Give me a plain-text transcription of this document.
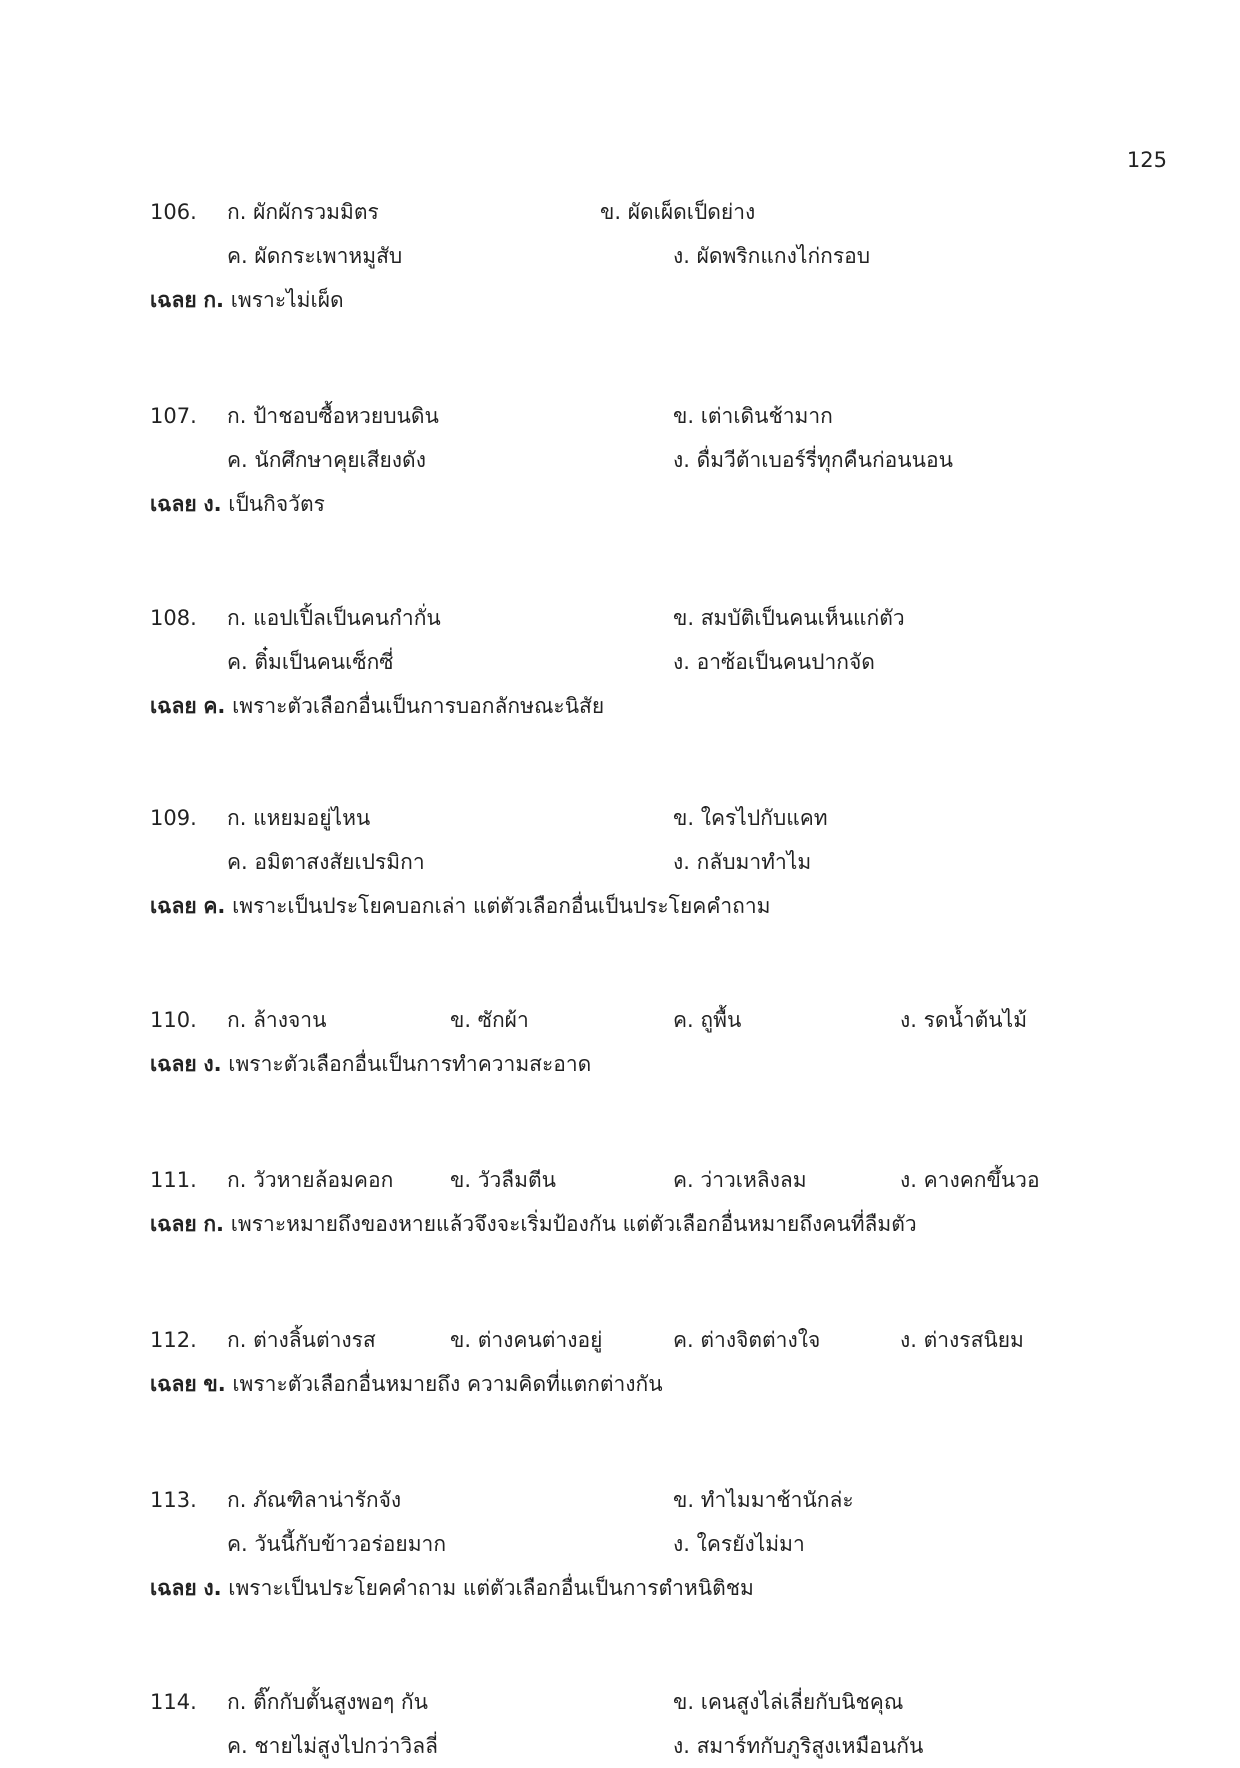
125
106. ก. ผักผักรวมมิตร	ข. ผัดเผ็ดเป็ดย่าง
ค. ผัดกระเพาหมูสับ	ง. ผัดพริกแกงไก่กรอบ
เฉลย ก. เพราะไม่เผ็ด
107. ก. ป้าชอบซื้อหวยบนดิน	ข. เต่าเดินช้ามาก
ค. นักศึกษาคุยเสียงดัง	ง. ดื่มวีต้าเบอร์รี่ทุกคืนก่อนนอน
เฉลย ง. เป็นกิจวัตร
108. ก. แอปเปิ้ลเป็นคนกำกั่น	ข. สมบัติเป็นคนเห็นแก่ตัว
ค. ติ๋มเป็นคนเซ็กซี่	ง. อาซ้อเป็นคนปากจัด
เฉลย ค. เพราะตัวเลือกอื่นเป็นการบอกลักษณะนิสัย
109. ก. แหยมอยู่ไหน	ข. ใครไปกับแคท
ค. อมิตาสงสัยเปรมิกา	ง. กลับมาทำไม
เฉลย ค. เพราะเป็นประโยคบอกเล่า แต่ตัวเลือกอื่นเป็นประโยคคำถาม
110. ก. ล้างจาน	ข. ซักผ้า	ค. ถูพื้น	ง. รดน้ำต้นไม้
เฉลย ง. เพราะตัวเลือกอื่นเป็นการทำความสะอาด
111. ก. วัวหายล้อมคอก	ข. วัวลืมตีน	ค. ว่าวเหลิงลม	ง. คางคกขึ้นวอ
เฉลย ก. เพราะหมายถึงของหายแล้วจึงจะเริ่มป้องกัน แต่ตัวเลือกอื่นหมายถึงคนที่ลืมตัว
112. ก. ต่างลิ้นต่างรส	ข. ต่างคนต่างอยู่	ค. ต่างจิตต่างใจ	ง. ต่างรสนิยม
เฉลย ข. เพราะตัวเลือกอื่นหมายถึง ความคิดที่แตกต่างกัน
113. ก. ภัณฑิลาน่ารักจัง	ข. ทำไมมาช้านักล่ะ
ค. วันนี้กับข้าวอร่อยมาก	ง. ใครยังไม่มา
เฉลย ง. เพราะเป็นประโยคคำถาม แต่ตัวเลือกอื่นเป็นการตำหนิติชม
114. ก. ติ๊กกับตั้นสูงพอๆ กัน	ข. เคนสูงไล่เลี่ยกับนิชคุณ
ค. ชายไม่สูงไปกว่าวิลลี่	ง. สมาร์ทกับภูริสูงเหมือนกัน
